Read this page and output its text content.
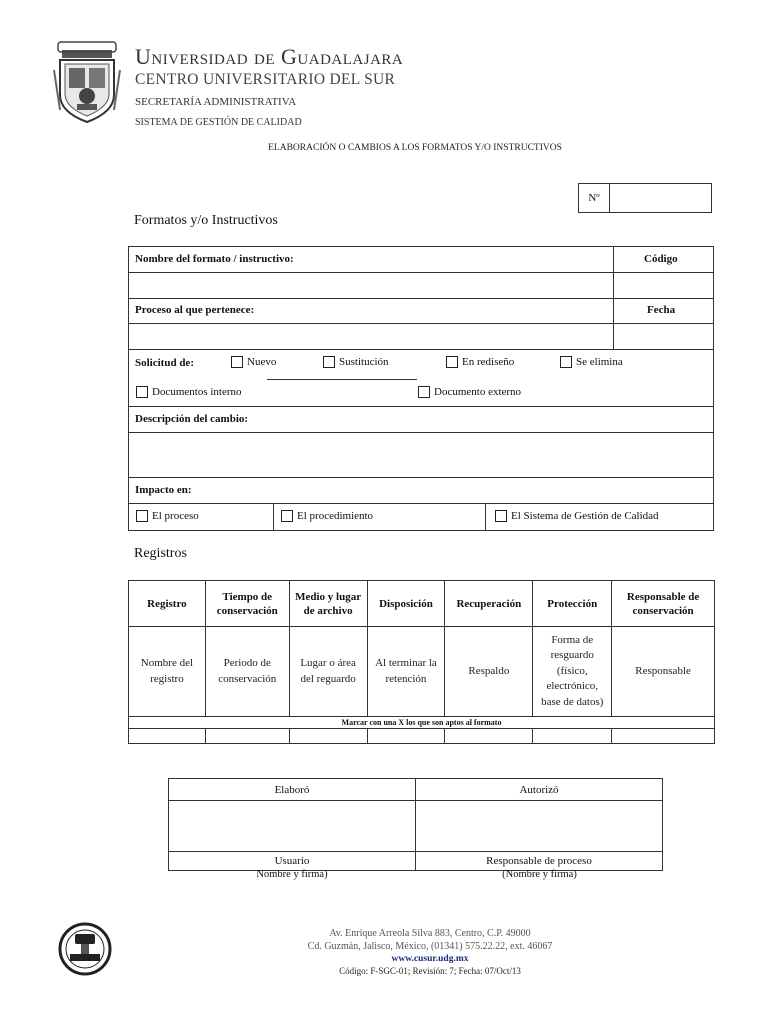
Universidad de Guadalajara
CENTRO UNIVERSITARIO DEL SUR
SECRETARÍA ADMINISTRATIVA
SISTEMA DE GESTIÓN DE CALIDAD
ELABORACIÓN O CAMBIOS A LOS FORMATOS Y/O INSTRUCTIVOS
Nº
Formatos y/o Instructivos
Nombre del formato / instructivo:	Código
Proceso al que pertenece:	Fecha
Solicitud de:	Nuevo	Sustitución	En rediseño	Se elimina
Documentos interno	Documento externo
Descripción del cambio:
Impacto en:
El proceso	El procedimiento	El Sistema de Gestión de Calidad
Registros
Registro	Tiempo de conservación	Medio y lugar de archivo	Disposición	Recuperación	Protección	Responsable de conservación
Nombre del registro	Periodo de conservación	Lugar o área del reguardo	Al terminar la retención	Respaldo	Forma de resguardo (físico, electrónico, base de datos)	Responsable
Marcar con una X los que son aptos al formato						

Elaboró	Autorizó

Usuario	Responsable de proceso
Nombre y firma)	(Nombre y firma)
Av. Enrique Arreola Silva 883, Centro, C.P. 49000
Cd. Guzmán, Jalisco, México, (01341) 575.22.22, ext. 46067
www.cusur.udg.mx
Código: F-SGC-01; Revisión: 7; Fecha: 07/Oct/13
